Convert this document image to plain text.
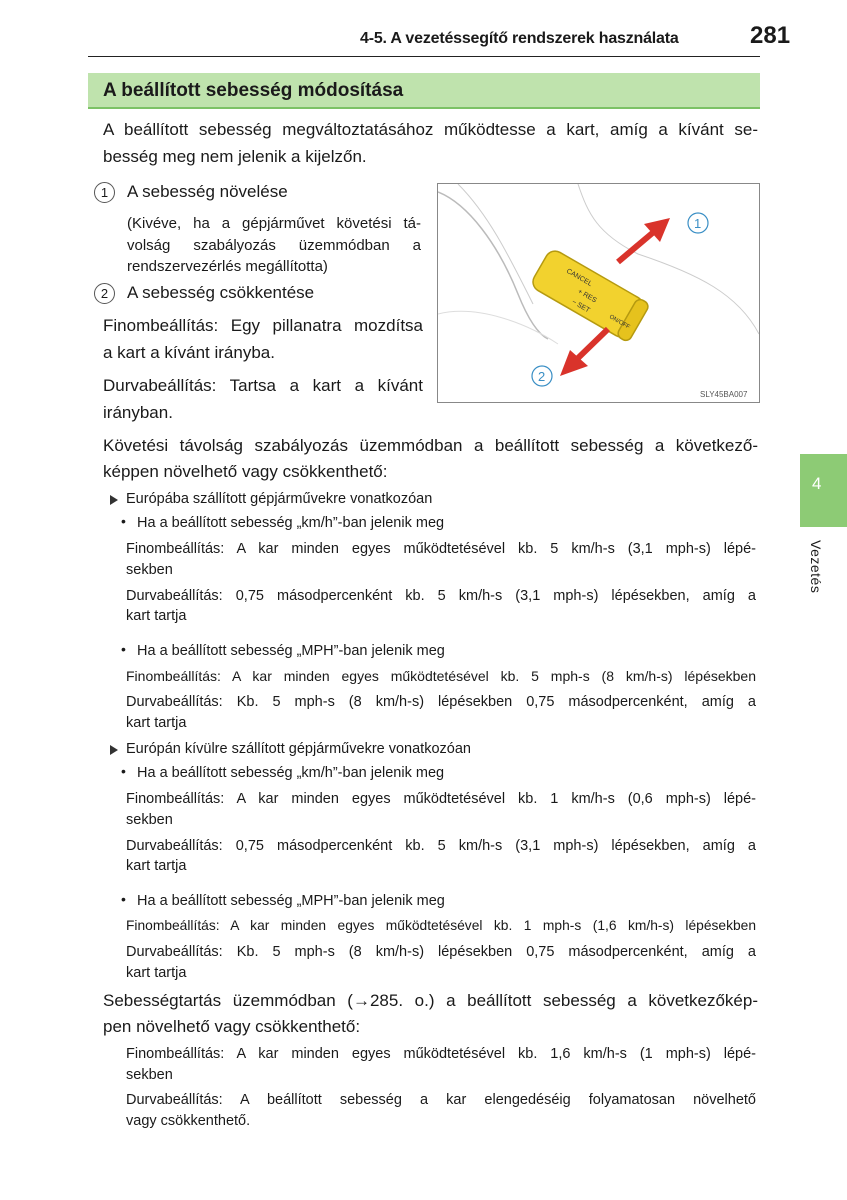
4-5. A vezetéssegítő rendszerek használata	281
4
Vezetés
A beállított sebesség módosítása
A beállított sebesség megváltoztatásához működtesse a kart, amíg a kívánt se-
besség meg nem jelenik a kijelzőn.
1	A sebesség növelése
(Kivéve, ha a gépjárművet követési tá-
volság szabályozás üzemmódban a
rendszervezérlés megállította)
2	A sebesség csökkentése
Finombeállítás: Egy pillanatra mozdítsa
a kart a kívánt irányba.
Durvabeállítás: Tartsa a kart a kívánt
irányban.
CANCEL
+ RES
− SET
ON/OFF
1
2
SLY45BA007
Követési távolság szabályozás üzemmódban a beállított sebesség a következő-
képpen növelhető vagy csökkenthető:
Európába szállított gépjárművekre vonatkozóan
• Ha a beállított sebesség „km/h”-ban jelenik meg
Finombeállítás: A kar minden egyes működtetésével kb. 5 km/h-s (3,1 mph-s) lépé-
sekben
Durvabeállítás: 0,75 másodpercenként kb. 5 km/h-s (3,1 mph-s) lépésekben, amíg a
kart tartja
• Ha a beállított sebesség „MPH”-ban jelenik meg
Finombeállítás: A kar minden egyes működtetésével kb. 5 mph-s (8 km/h-s) lépésekben
Durvabeállítás: Kb. 5 mph-s (8 km/h-s) lépésekben 0,75 másodpercenként, amíg a
kart tartja
Európán kívülre szállított gépjárművekre vonatkozóan
• Ha a beállított sebesség „km/h”-ban jelenik meg
Finombeállítás: A kar minden egyes működtetésével kb. 1 km/h-s (0,6 mph-s) lépé-
sekben
Durvabeállítás: 0,75 másodpercenként kb. 5 km/h-s (3,1 mph-s) lépésekben, amíg a
kart tartja
• Ha a beállított sebesség „MPH”-ban jelenik meg
Finombeállítás: A kar minden egyes működtetésével kb. 1 mph-s (1,6 km/h-s) lépésekben
Durvabeállítás: Kb. 5 mph-s (8 km/h-s) lépésekben 0,75 másodpercenként, amíg a
kart tartja
Sebességtartás üzemmódban (→285. o.) a beállított sebesség a következőkép-
pen növelhető vagy csökkenthető:
Finombeállítás: A kar minden egyes működtetésével kb. 1,6 km/h-s (1 mph-s) lépé-
sekben
Durvabeállítás: A beállított sebesség a kar elengedéséig folyamatosan növelhető
vagy csökkenthető.
